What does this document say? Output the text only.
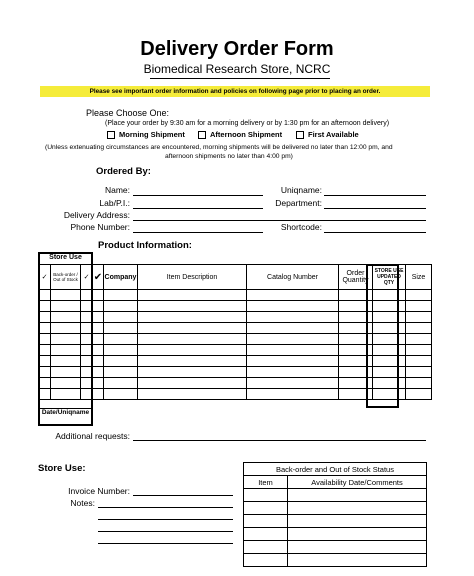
Delivery Order Form
Biomedical Research Store, NCRC
Please see important order information and policies on following page prior to placing an order.
Please Choose One:
(Place your order by 9:30 am for a morning delivery or by 1:30 pm for an afternoon delivery)
Morning Shipment	Afternoon Shipment	First Available
(Unless extenuating circumstances are encountered, morning shipments will be delivered no later than 12:00 pm, and
afternoon shipments no later than 4:00 pm)
Ordered By:
Name:	Uniqname:
Lab/P.I.:	Department:
Delivery Address:
Phone Number:	Shortcode:
Product Information:
Store Use
✓	Back-order / Out of Stock	✓	✔	Company	Item Description	Catalog Number	Order Quantity	STORE USE UPDATED QTY	Size

Date/Uniqname
Additional requests:
Store Use:
Invoice Number:
Notes:
Back-order and Out of Stock Status	
Item	Availability Date/Comments
